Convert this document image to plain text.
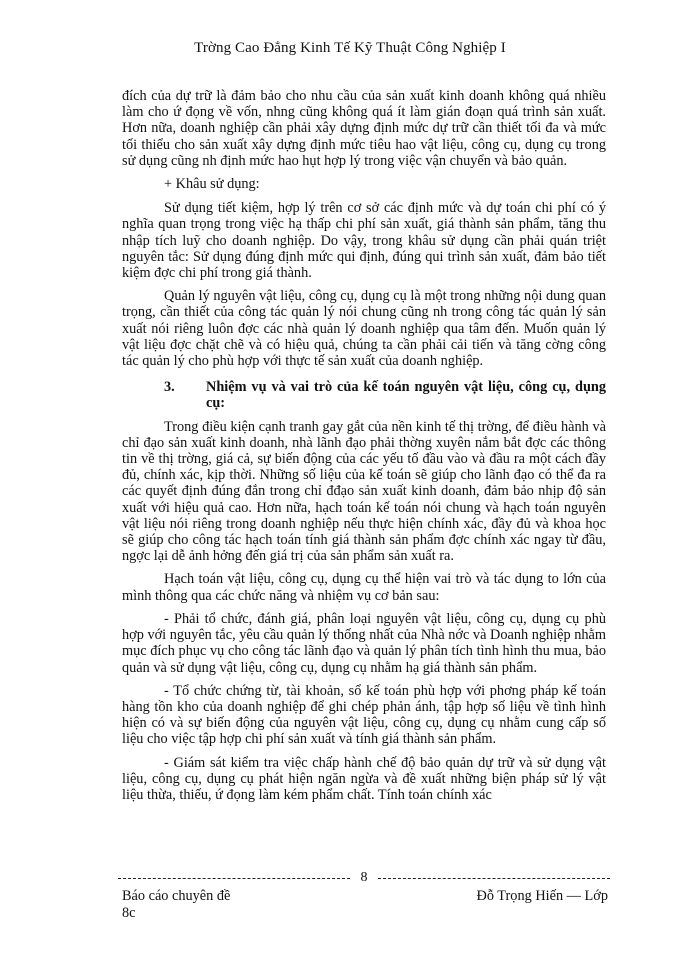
Trờng Cao Đẳng Kinh Tế Kỹ Thuật Công Nghiệp I

đích của dự trữ là đảm bảo cho nhu cầu của sản xuất kinh doanh không quá nhiều làm cho ứ đọng về vốn, nhng cũng không quá ít làm gián đoạn quá trình sản xuất. Hơn nữa, doanh nghiệp cần phải xây dựng định mức dự trữ cần thiết tối đa và mức tối thiểu cho sản xuất xây dựng định mức tiêu hao vật liệu, công cụ, dụng cụ trong sử dụng cũng nh định mức hao hụt hợp lý trong việc vận chuyển và bảo quản.

+ Khâu sử dụng:

Sử dụng tiết kiệm, hợp lý trên cơ sở các định mức và dự toán chi phí có ý nghĩa quan trọng trong việc hạ thấp chi phí sản xuất, giá thành sản phẩm, tăng thu nhập tích luỹ cho doanh nghiệp. Do vậy, trong khâu sử dụng cần phải quán triệt nguyên tắc: Sử dụng đúng định mức qui định, đúng qui trình sản xuất, đảm bảo tiết kiệm đợc chi phí trong giá thành.

Quản lý nguyên vật liệu, công cụ, dụng cụ là một trong những nội dung quan trọng, cần thiết của công tác quản lý nói chung cũng nh trong công tác quản lý sản xuất nói riêng luôn đợc các nhà quản lý doanh nghiệp qua tâm đến. Muốn quản lý vật liệu đợc chặt chẽ và có hiệu quả, chúng ta cần phải cải tiến và tăng cờng công tác quản lý cho phù hợp với thực tế sản xuất của doanh nghiệp.

3.	Nhiệm vụ và vai trò của kế toán nguyên vật liệu, công cụ, dụng cụ:

Trong điều kiện cạnh tranh gay gắt của nền kinh tế thị trờng, để điều hành và chỉ đạo sản xuất kinh doanh, nhà lãnh đạo phải thờng xuyên nắm bắt đợc các thông tin về thị trờng, giá cả, sự biến động của các yếu tố đầu vào và đầu ra một cách đầy đủ, chính xác, kịp thời. Những số liệu của kế toán sẽ giúp cho lãnh đạo có thể đa ra các quyết định đúng đắn trong chỉ đđạo sản xuất kinh doanh, đảm bảo nhịp độ sản xuất với hiệu quả cao. Hơn nữa, hạch toán kế toán nói chung và hạch toán nguyên vật liệu nói riêng trong doanh nghiệp nếu thực hiện chính xác, đầy đủ và khoa học sẽ giúp cho công tác hạch toán tính giá thành sản phẩm đợc chính xác ngay từ đầu, ngợc lại dễ ảnh hởng đến giá trị của sản phẩm sản xuất ra.

Hạch toán vật liệu, công cụ, dụng cụ thể hiện vai trò và tác dụng to lớn của mình thông qua các chức năng và nhiệm vụ cơ bản sau:

- Phải tổ chức, đánh giá, phân loại nguyên vật liệu, công cụ, dụng cụ phù hợp với nguyên tắc, yêu cầu quản lý thống nhất của Nhà nớc và Doanh nghiệp nhằm mục đích phục vụ cho công tác lãnh đạo và quản lý phân tích tình hình thu mua, bảo quản và sử dụng vật liệu, công cụ, dụng cụ nhằm hạ giá thành sản phẩm.

- Tổ chức chứng từ, tài khoản, sổ kế toán phù hợp với phơng pháp kế toán hàng tồn kho của doanh nghiệp để ghi chép phản ánh, tập hợp số liệu về tình hình hiện có và sự biến động của nguyên vật liệu, công cụ, dụng cụ nhằm cung cấp số liệu cho việc tập hợp chi phí sản xuất và tính giá thành sản phẩm.

- Giám sát kiểm tra việc chấp hành chế độ bảo quản dự trữ và sử dụng vật liệu, công cụ, dụng cụ phát hiện ngăn ngừa và đề xuất những biện pháp sử lý vật liệu thừa, thiếu, ứ đọng làm kém phẩm chất. Tính toán chính xác

8
Báo cáo chuyên đề
8c
Đỗ Trọng Hiến — Lớp
